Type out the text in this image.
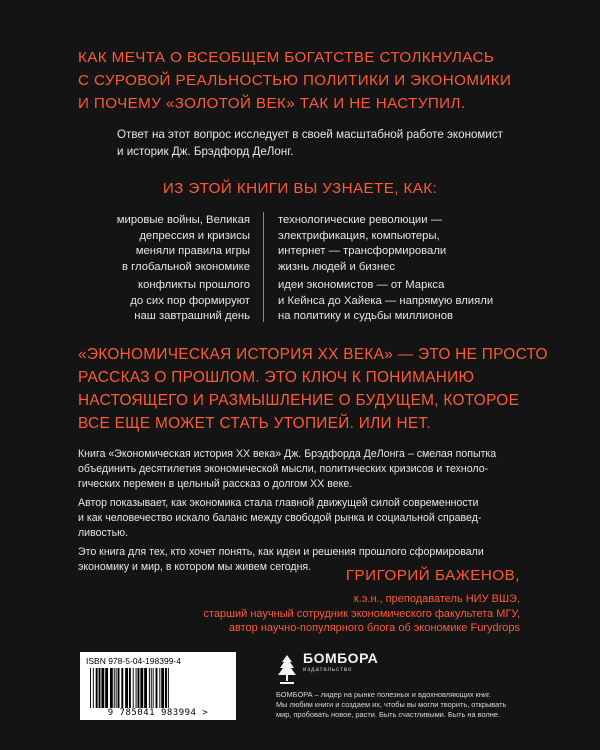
КАК МЕЧТА О ВСЕОБЩЕМ БОГАТСТВЕ СТОЛКНУЛАСЬ
С СУРОВОЙ РЕАЛЬНОСТЬЮ ПОЛИТИКИ И ЭКОНОМИКИ
И ПОЧЕМУ «ЗОЛОТОЙ ВЕК» ТАК И НЕ НАСТУПИЛ.
Ответ на этот вопрос исследует в своей масштабной работе экономист
и историк Дж. Брэдфорд ДеЛонг.
ИЗ ЭТОЙ КНИГИ ВЫ УЗНАЕТЕ, КАК:
мировые войны, Великая
депрессия и кризисы
меняли правила игры
в глобальной экономике
технологические революции —
электрификация, компьютеры,
интернет — трансформировали
жизнь людей и бизнес
конфликты прошлого
до сих пор формируют
наш завтрашний день
идеи экономистов — от Маркса
и Кейнса до Хайека — напрямую влияли
на политику и судьбы миллионов
«ЭКОНОМИЧЕСКАЯ ИСТОРИЯ XX ВЕКА» — ЭТО НЕ ПРОСТО
РАССКАЗ О ПРОШЛОМ. ЭТО КЛЮЧ К ПОНИМАНИЮ
НАСТОЯЩЕГО И РАЗМЫШЛЕНИЕ О БУДУЩЕМ, КОТОРОЕ
ВСЕ ЕЩЕ МОЖЕТ СТАТЬ УТОПИЕЙ. ИЛИ НЕТ.
Книга «Экономическая история XX века» Дж. Брэдфорда ДеЛонга – смелая попытка
объединить десятилетия экономической мысли, политических кризисов и техноло-
гических перемен в цельный рассказ о долгом XX веке.
Автор показывает, как экономика стала главной движущей силой современности
и как человечество искало баланс между свободой рынка и социальной справед-
ливостью.
Это книга для тех, кто хочет понять, как идеи и решения прошлого сформировали
экономику и мир, в котором мы живем сегодня.	ГРИГОРИЙ БАЖЕНОВ,
к.э.н., преподаватель НИУ ВШЭ,
старший научный сотрудник экономического факультета МГУ,
автор научно-популярного блога об экономике Furydrops
ISBN 978-5-04-198399-4
9 785041 983994 >
БОМБОРА
издательство
БОМБОРА – лидер на рынке полезных и вдохновляющих книг.
Мы любим книги и создаем их, чтобы вы могли творить, открывать
мир, пробовать новое, расти. Быть счастливыми. Быть на волне.
